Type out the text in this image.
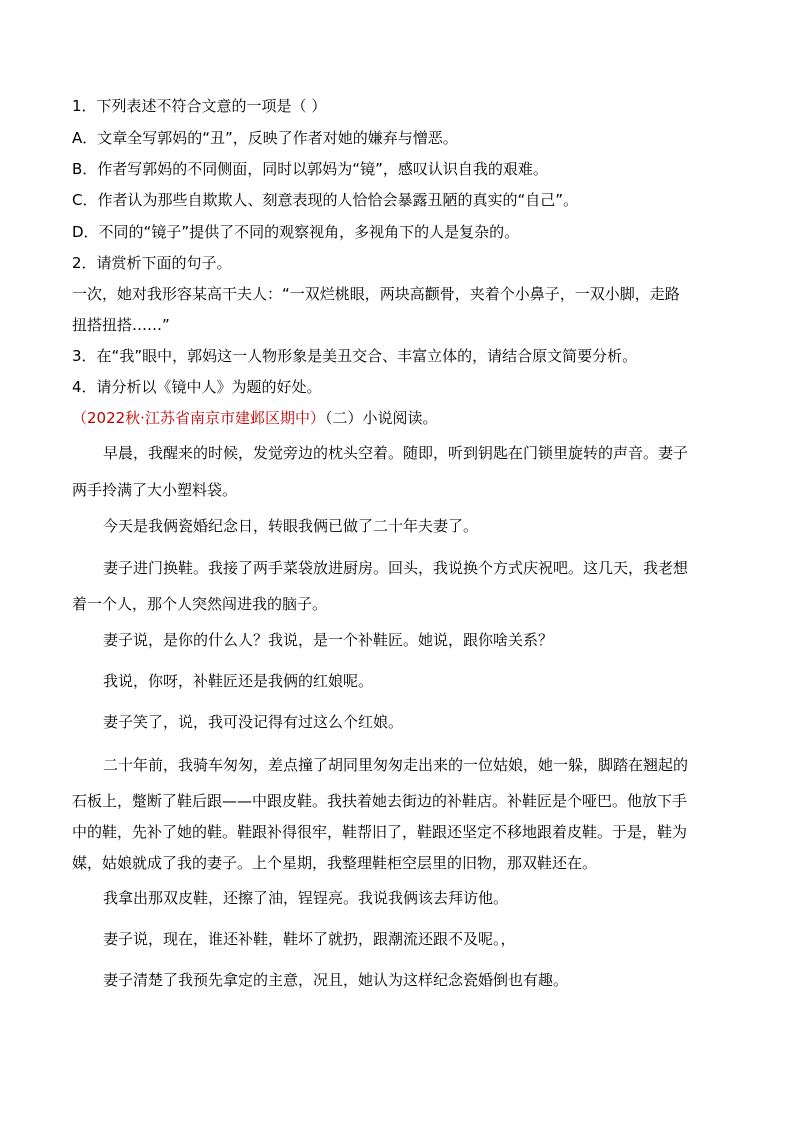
1．下列表述不符合文意的一项是（ ）
A．文章全写郭妈的“丑”，反映了作者对她的嫌弃与憎恶。
B．作者写郭妈的不同侧面，同时以郭妈为“镜”，感叹认识自我的艰难。
C．作者认为那些自欺欺人、刻意表现的人恰恰会暴露丑陋的真实的“自己”。
D．不同的“镜子”提供了不同的观察视角，多视角下的人是复杂的。
2．请赏析下面的句子。
一次，她对我形容某高干夫人：“一双烂桃眼，两块高颧骨，夹着个小鼻子，一双小脚，走路
扭搭扭搭……”
3．在“我”眼中，郭妈这一人物形象是美丑交合、丰富立体的，请结合原文简要分析。
4．请分析以《镜中人》为题的好处。
（2022秋·江苏省南京市建邺区期中）（二）小说阅读。
早晨，我醒来的时候，发觉旁边的枕头空着。随即，听到钥匙在门锁里旋转的声音。妻子
两手拎满了大小塑料袋。
今天是我俩瓷婚纪念日，转眼我俩已做了二十年夫妻了。
妻子进门换鞋。我接了两手菜袋放进厨房。回头，我说换个方式庆祝吧。这几天，我老想
着一个人，那个人突然闯进我的脑子。
妻子说，是你的什么人？我说，是一个补鞋匠。她说，跟你啥关系？
我说，你呀，补鞋匠还是我俩的红娘呢。
妻子笑了，说，我可没记得有过这么个红娘。
二十年前，我骑车匆匆，差点撞了胡同里匆匆走出来的一位姑娘，她一躲，脚踏在翘起的
石板上，蹩断了鞋后跟——中跟皮鞋。我扶着她去街边的补鞋店。补鞋匠是个哑巴。他放下手
中的鞋，先补了她的鞋。鞋跟补得很牢，鞋帮旧了，鞋跟还坚定不移地跟着皮鞋。于是，鞋为
媒，姑娘就成了我的妻子。上个星期，我整理鞋柜空层里的旧物，那双鞋还在。
我拿出那双皮鞋，还擦了油，锃锃亮。我说我俩该去拜访他。
妻子说，现在，谁还补鞋，鞋坏了就扔，跟潮流还跟不及呢。，
妻子清楚了我预先拿定的主意，况且，她认为这样纪念瓷婚倒也有趣。
